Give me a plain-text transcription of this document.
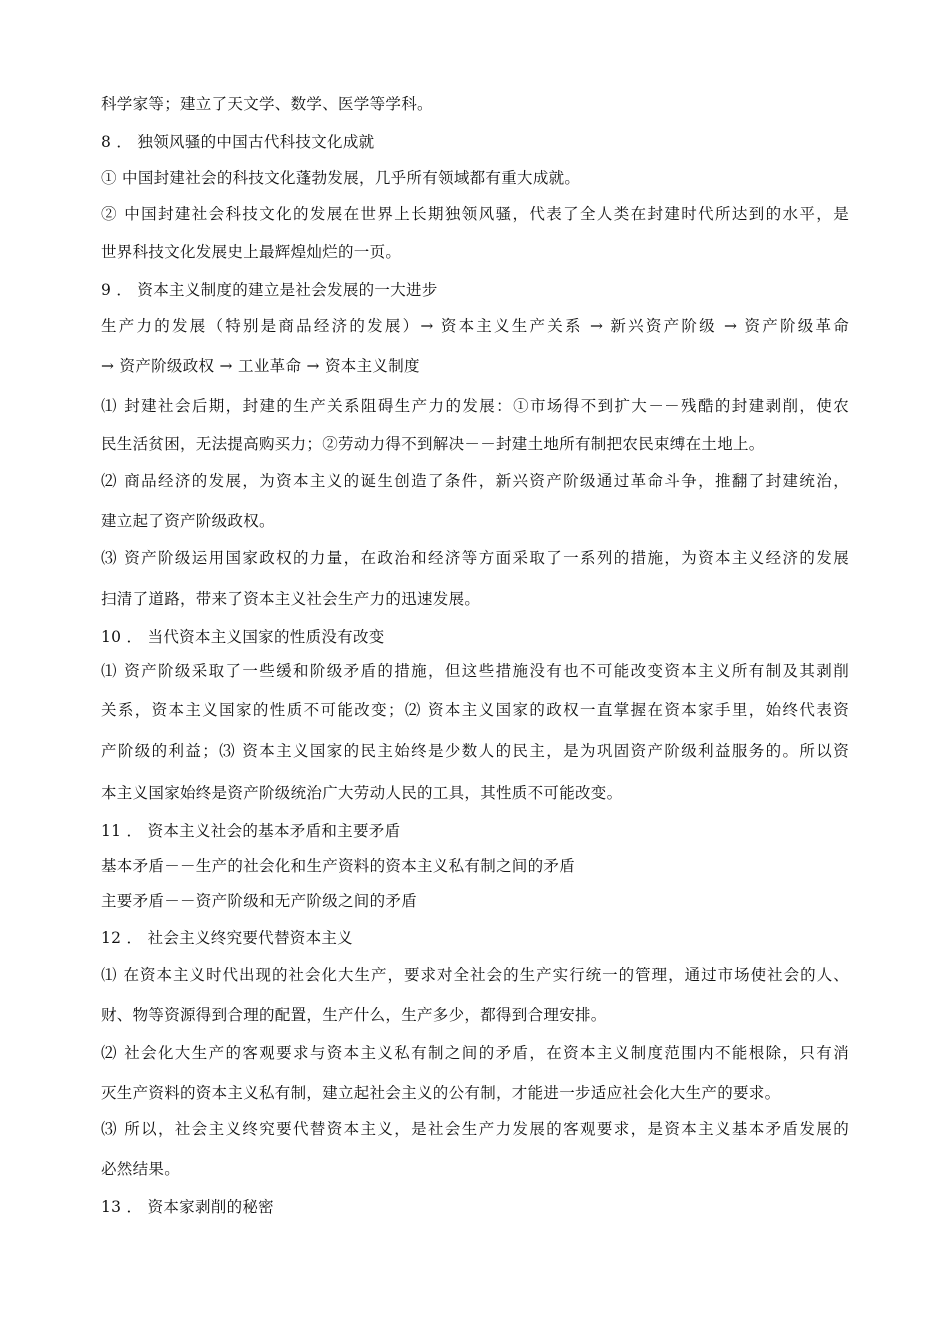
科学家等；建立了天文学、数学、医学等学科。
8 ． 独领风骚的中国古代科技文化成就
① 中国封建社会的科技文化蓬勃发展，几乎所有领域都有重大成就。
② 中国封建社会科技文化的发展在世界上长期独领风骚，代表了全人类在封建时代所达到的水平，是
世界科技文化发展史上最辉煌灿烂的一页。
9 ． 资本主义制度的建立是社会发展的一大进步
生产力的发展（特别是商品经济的发展）→ 资本主义生产关系 → 新兴资产阶级 → 资产阶级革命
→ 资产阶级政权 → 工业革命 → 资本主义制度
⑴ 封建社会后期，封建的生产关系阻碍生产力的发展：①市场得不到扩大－－残酷的封建剥削，使农
民生活贫困，无法提高购买力；②劳动力得不到解决－－封建土地所有制把农民束缚在土地上。
⑵ 商品经济的发展，为资本主义的诞生创造了条件，新兴资产阶级通过革命斗争，推翻了封建统治，
建立起了资产阶级政权。
⑶ 资产阶级运用国家政权的力量，在政治和经济等方面采取了一系列的措施，为资本主义经济的发展
扫清了道路，带来了资本主义社会生产力的迅速发展。
10 ． 当代资本主义国家的性质没有改变
⑴ 资产阶级采取了一些缓和阶级矛盾的措施，但这些措施没有也不可能改变资本主义所有制及其剥削
关系，资本主义国家的性质不可能改变；⑵ 资本主义国家的政权一直掌握在资本家手里，始终代表资
产阶级的利益；⑶ 资本主义国家的民主始终是少数人的民主，是为巩固资产阶级利益服务的。所以资
本主义国家始终是资产阶级统治广大劳动人民的工具，其性质不可能改变。
11 ． 资本主义社会的基本矛盾和主要矛盾
基本矛盾－－生产的社会化和生产资料的资本主义私有制之间的矛盾
主要矛盾－－资产阶级和无产阶级之间的矛盾
12 ． 社会主义终究要代替资本主义
⑴ 在资本主义时代出现的社会化大生产，要求对全社会的生产实行统一的管理，通过市场使社会的人、
财、物等资源得到合理的配置，生产什么，生产多少，都得到合理安排。
⑵ 社会化大生产的客观要求与资本主义私有制之间的矛盾，在资本主义制度范围内不能根除，只有消
灭生产资料的资本主义私有制，建立起社会主义的公有制，才能进一步适应社会化大生产的要求。
⑶ 所以，社会主义终究要代替资本主义，是社会生产力发展的客观要求，是资本主义基本矛盾发展的
必然结果。
13 ． 资本家剥削的秘密
